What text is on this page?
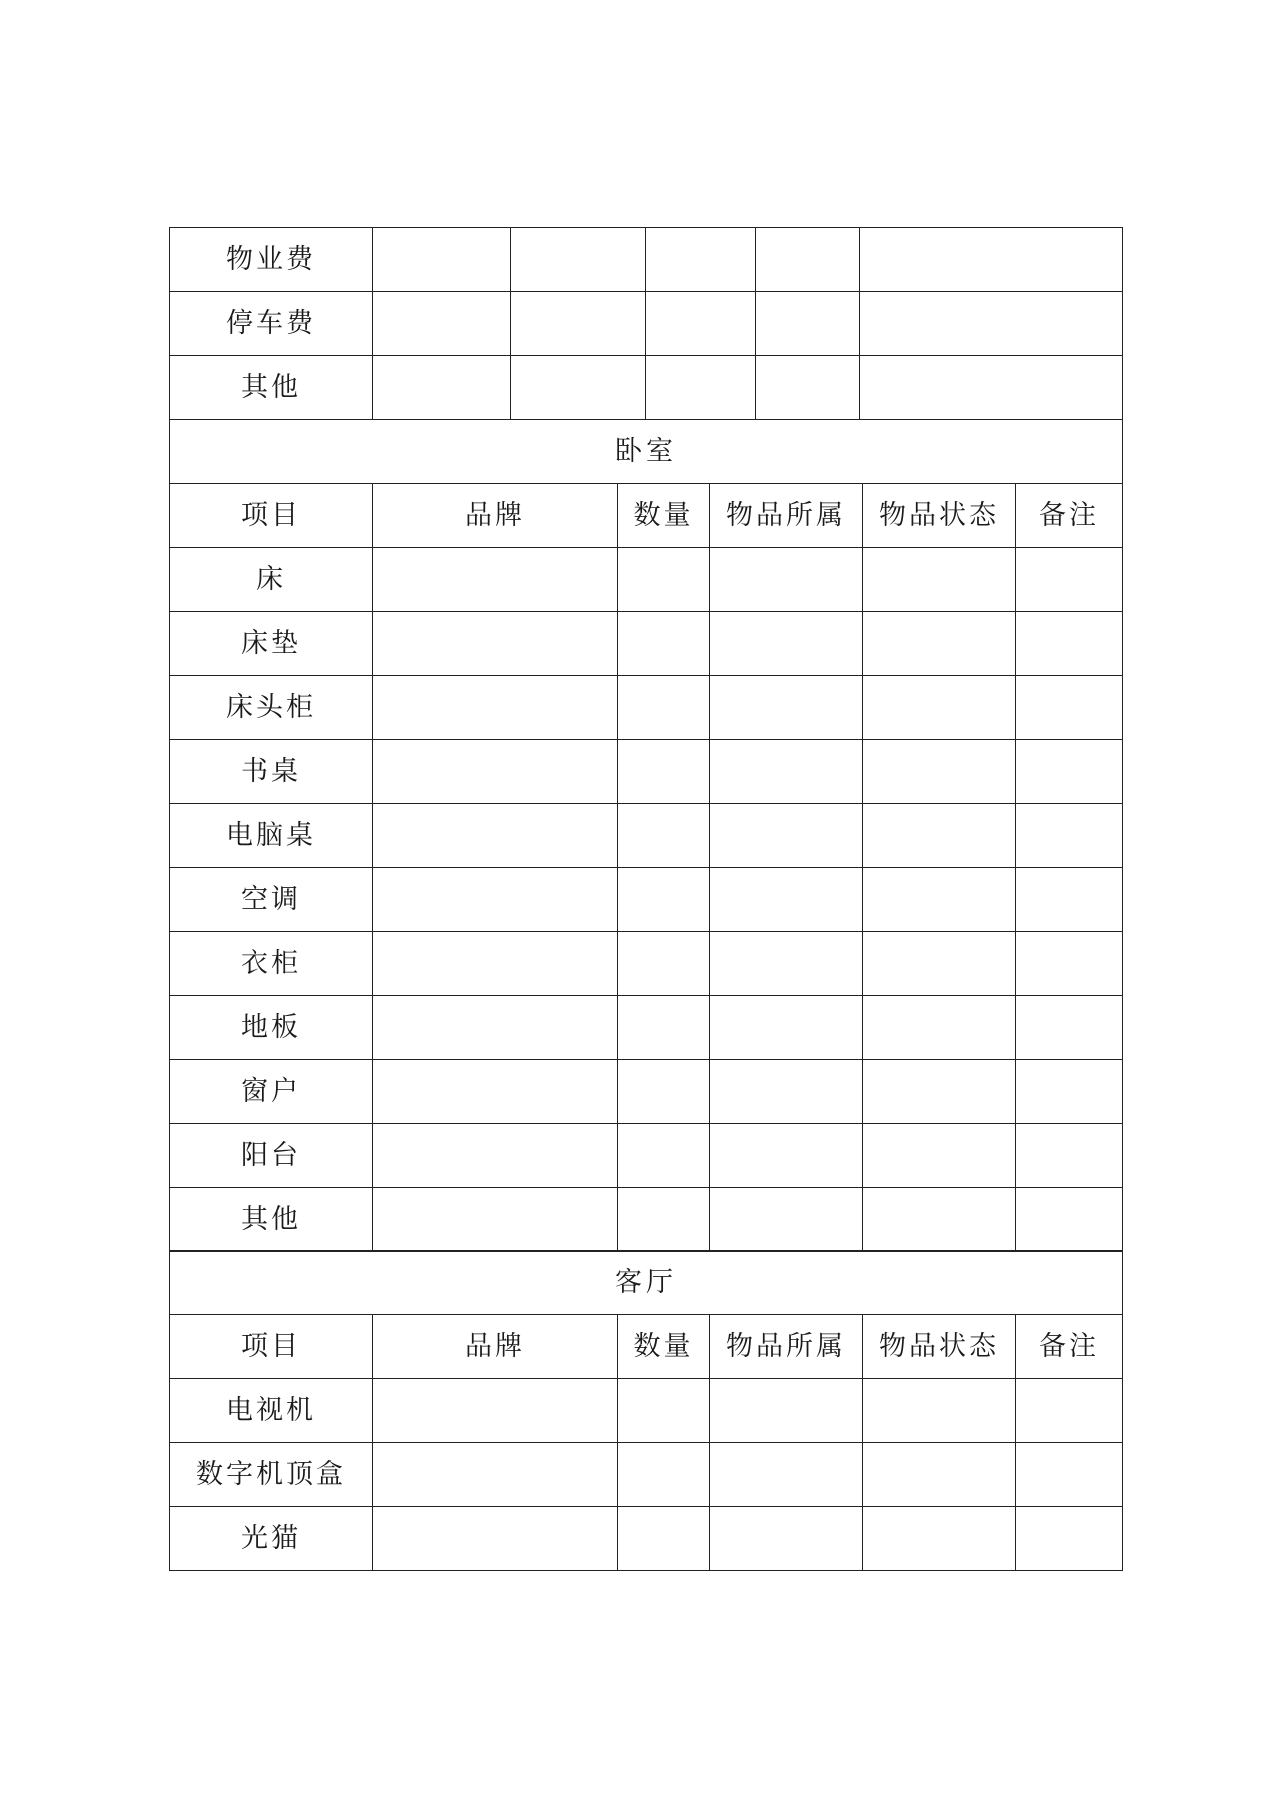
物业费					
停车费					
其他					
卧室					
项目	品牌	数量	物品所属	物品状态	备注
床					
床垫					
床头柜					
书桌					
电脑桌					
空调					
衣柜					
地板					
窗户					
阳台					
其他					
客厅					
项目	品牌	数量	物品所属	物品状态	备注
电视机					
数字机顶盒					
光猫					
